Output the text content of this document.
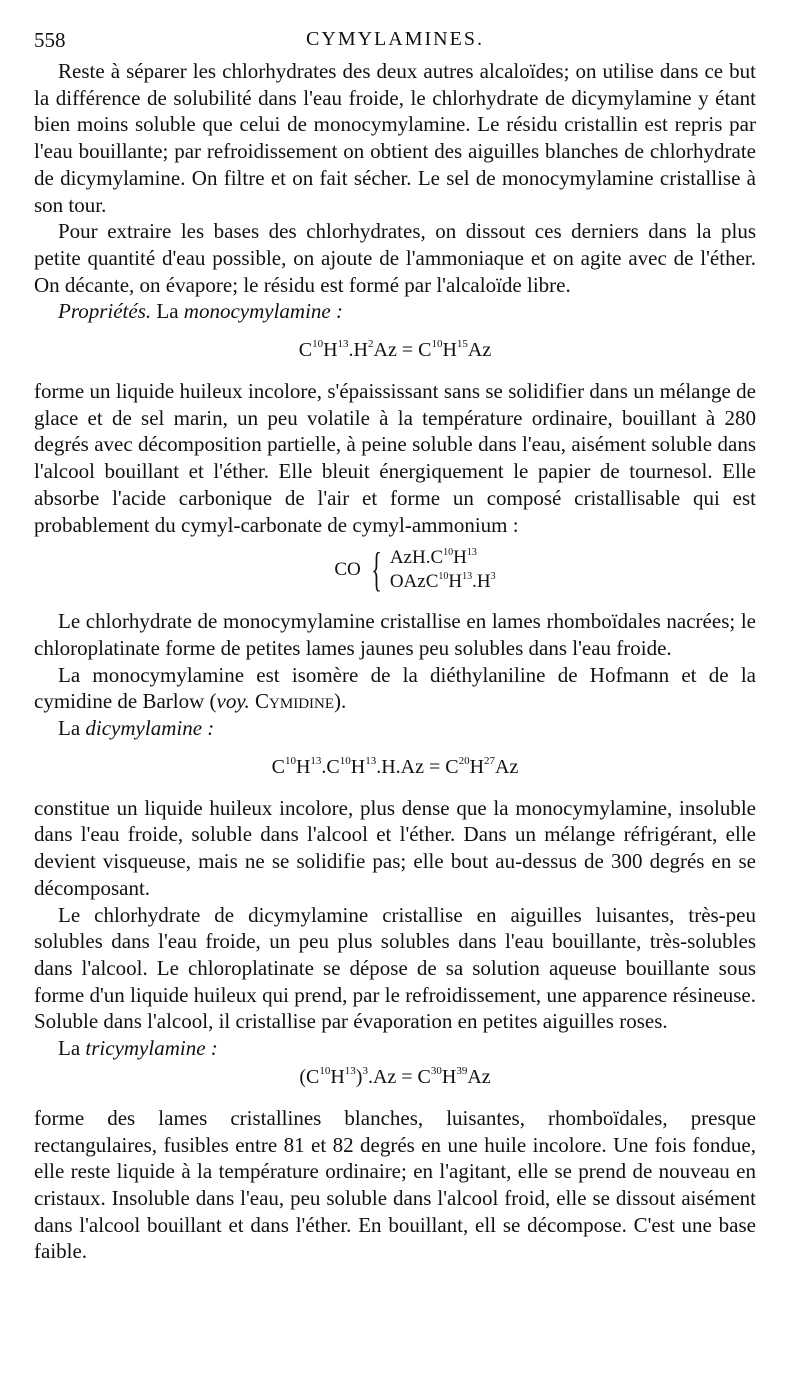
558	CYMYLAMINES.

Reste à séparer les chlorhydrates des deux autres alcaloïdes; on utilise dans ce but la différence de solubilité dans l'eau froide, le chlorhydrate de dicymylamine y étant bien moins soluble que celui de monocymylamine. Le résidu cristallin est repris par l'eau bouillante; par refroidissement on obtient des aiguilles blanches de chlorhydrate de dicymylamine. On filtre et on fait sécher. Le sel de monocymylamine cristallise à son tour.

Pour extraire les bases des chlorhydrates, on dissout ces derniers dans la plus petite quantité d'eau possible, on ajoute de l'ammoniaque et on agite avec de l'éther. On décante, on évapore; le résidu est formé par l'alcaloïde libre.

Propriétés. La monocymylamine :

$C^{10}H^{13}.H^2Az = C^{10}H^{15}Az$

forme un liquide huileux incolore, s'épaississant sans se solidifier dans un mélange de glace et de sel marin, un peu volatile à la température ordinaire, bouillant à 280 degrés avec décomposition partielle, à peine soluble dans l'eau, aisément soluble dans l'alcool bouillant et l'éther. Elle bleuit énergiquement le papier de tournesol. Elle absorbe l'acide carbonique de l'air et forme un composé cristallisable qui est probablement du cymyl-carbonate de cymyl-ammonium :

CO { $AzH.C^{10}H^{13}$
$OAzC^{10}H^{13}.H^3$

Le chlorhydrate de monocymylamine cristallise en lames rhomboïdales nacrées; le chloroplatinate forme de petites lames jaunes peu solubles dans l'eau froide.

La monocymylamine est isomère de la diéthylaniline de Hofmann et de la cymidine de Barlow (voy. Cymidine).

La dicymylamine :

$C^{10}H^{13}.C^{10}H^{13}.H.Az = C^{20}H^{27}Az$

constitue un liquide huileux incolore, plus dense que la monocymylamine, insoluble dans l'eau froide, soluble dans l'alcool et l'éther. Dans un mélange réfrigérant, elle devient visqueuse, mais ne se solidifie pas; elle bout au-dessus de 300 degrés en se décomposant.

Le chlorhydrate de dicymylamine cristallise en aiguilles luisantes, très-peu solubles dans l'eau froide, un peu plus solubles dans l'eau bouillante, très-solubles dans l'alcool. Le chloroplatinate se dépose de sa solution aqueuse bouillante sous forme d'un liquide huileux qui prend, par le refroidissement, une apparence résineuse. Soluble dans l'alcool, il cristallise par évaporation en petites aiguilles roses.

La tricymylamine :

$(C^{10}H^{13})^3.Az = C^{30}H^{39}Az$

forme des lames cristallines blanches, luisantes, rhomboïdales, presque rectangulaires, fusibles entre 81 et 82 degrés en une huile incolore. Une fois fondue, elle reste liquide à la température ordinaire; en l'agitant, elle se prend de nouveau en cristaux. Insoluble dans l'eau, peu soluble dans l'alcool froid, elle se dissout aisément dans l'alcool bouillant et dans l'éther. En bouillant, ell se décompose. C'est une base faible.
